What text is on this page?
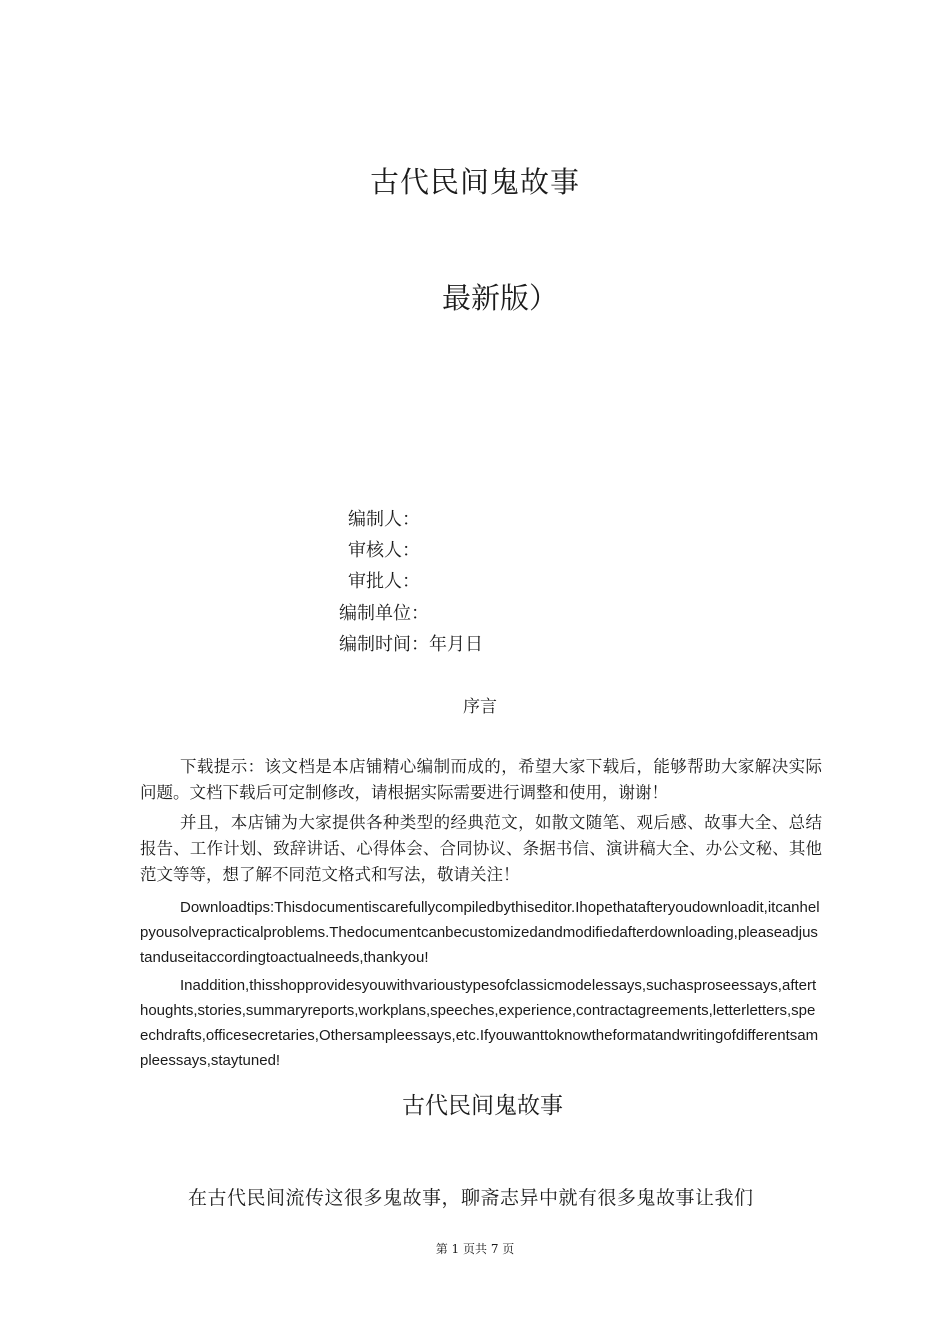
古代民间鬼故事
最新版）
编制人：
审核人：
审批人：
编制单位：
编制时间：年月日
序言

下载提示：该文档是本店铺精心编制而成的，希望大家下载后，能够帮助大家解决实际问题。文档下载后可定制修改，请根据实际需要进行调整和使用，谢谢！

并且，本店铺为大家提供各种类型的经典范文，如散文随笔、观后感、故事大全、总结报告、工作计划、致辞讲话、心得体会、合同协议、条据书信、演讲稿大全、办公文秘、其他范文等等，想了解不同范文格式和写法，敬请关注！

Downloadtips:Thisdocumentiscarefullycompiledbythiseditor.Ihopethatafteryoudownloadit,itcanhelpyousolvepracticalproblems.Thedocumentcanbecustomizedandmodifiedafterdownloading,pleaseadjustanduseitaccordingtoactualneeds,thankyou!

Inaddition,thisshopprovidesyouwithvarioustypesofclassicmodelessays,suchasproseessays,afterthoughts,stories,summaryreports,workplans,speeches,experience,contractagreements,letterletters,speechdrafts,officesecretaries,Othersampleessays,etc.Ifyouwanttoknowtheformatandwritingofdifferentsampleessays,staytuned!

古代民间鬼故事
在古代民间流传这很多鬼故事，聊斋志异中就有很多鬼故事让我们
第 1 页共 7 页
